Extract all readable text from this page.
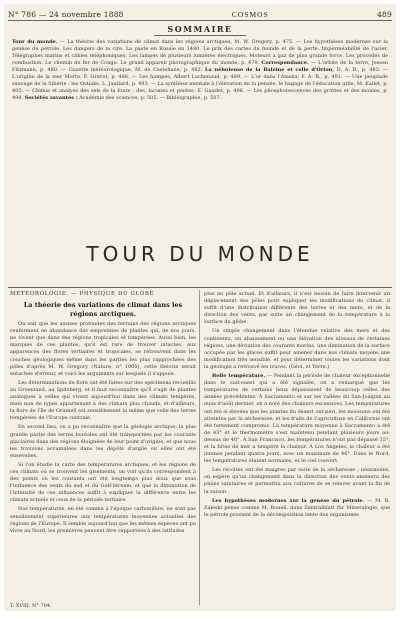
N° 786 — 24 novembre 1888	COSMOS	489
SOMMAIRE
Tour du monde. — La théorie des variations de climat dans les régions arctiques, M. W. Gregory, p. 475. — Les hypothèses modernes sur la genèse du pétrole. Les dangers de la cire. La paste en Russie en 1480. Le prix des cartes du monde et de la perte. Imperméabilité de l'acier. Télégraphes marins et câbles téléphoniques. Les lampes de plusieurs lumières électriques. Moteurs à gaz de plus grande force. Les procédés de combustion. Le chemin de fer de Congo. Le grand appareil photographique du monde, p. 479. Correspondance. — L'orbite de la terre, Jessen Fitzmann, p. 480. — Gazette météorologique, M. de Castellane, p. 482. La nébuleuse de la Baleine et celle d'Orion, D. A. B., p. 483. — L'origine de la mer Morte, F. Gravot, p. 486. — Les hampes, Albert Lachenaud, p. 489. — L'or dans l'Alaska, F. A. B., p. 491. — Une peuplade sauvage de la Sibérie : les Ostiaks, L. Jaullard, p. 493. — La synthèse mentale à l'élévation de la pensée, le bagage de l'éducation utile, M. Kallet, p. 495. — Chimie et analyse des sels de la fonte ; des, lacunes et pentes, E. Gaudet, p. 496. — Les phosphorescences des grottes et des moines, p. 498. Sociétés savantes : Académie des sciences, p. 505. — Bibliographie, p. 507.
TOUR DU MONDE
MÉTÉOROLOGIE. — PHYSIQUE DU GLOBE
La théorie des variations de climat dans les régions arctiques.

On sait que les assises profondes des terrains des régions arctiques renferment en abondance des empreintes de plantes qui, de nos jours, ne vivent que dans des régions tropicales et tempérées. Aussi bien, les marques de ces plantes, qu'il est rare de trouver intactes, aux apparences des flores tertiaires et tropicales, se retrouvent dans les couches géologiques même dans les parties les plus rapprochées des pôles d'après M. W. Gregory (Nature, n° 1000), cette théorie serait entachée d'erreur, et voici les arguments sur lesquels il s'appuie.

Les déterminations de flore ont été faites sur des spécimens recueillis au Groenland, au Spitzberg, et il faut reconnaître qu'il s'agit de plantes analogues à celles qui vivent aujourd'hui dans des climats tempérés, mais non de types appartenant à des climats plus chauds, et d'ailleurs, la flore de l'île de Grinnell est sensiblement la même que celle des terres tempérées de l'Europe centrale.

En second lieu, on a pu reconnaître que la géologie arctique, la plus grande partie des terres boréales ont été transportées par les courants glaciaires dans des régions éloignées de leur point d'origine, et que nous les trouvons accumulées dans les dépôts d'argile où elles ont été ensevelies.

Si l'on étudie la carte des températures arctiques, et les régions de ces climats où se trouvent les gisements, on voit qu'ils correspondent à des points où les courants ont été longtemps plus doux que sous l'influence des vents du sud et du Gulf-Stream, et que la diminution de l'intensité de ces influences suffit à expliquer la différence entre les climats actuels et ceux de la période tertiaire.

Nos températures, en été comme à l'époque carbonifère, ne sont pas sensiblement supérieures aux températures moyennes actuelles des régions de l'Europe. Il semble aujourd'hui que les mêmes espèces ont pu vivre au Nord, les premières peuvent être rapportées à des latitudes

plus au pôle actuel. Et d'ailleurs, il n'est besoin de faire intervenir un déplacement des pôles pour expliquer les modifications du climat, il suffit d'une distribution différente des terres et des mers, et de la direction des vents, par suite un changement de la température à la surface du globe.

Un simple changement dans l'étendue relative des mers et des continents, un abaissement ou une élévation des niveaux de certaines régions, une déviation des courants marins, une diminution de la surface occupée par les glaces suffit pour amener dans nos climats moyens une modification très sensible, et pour déterminer toutes les variations dont la géologie a retrouvé les traces. (Géol. et Terre.)

Belle température. — Pendant la période de chaleur exceptionnelle dans le sud-ouest qui a été signalée, on a remarqué que les températures de certains lieux dépassaient de beaucoup celles des années précédentes. À Sacramento et sur les vallées du San-Joaquin au mois d'août dernier, on a noté des chaleurs excessives. Les températures ont été si élevées que les plantes du désert ont péri, les moissons ont été atteintes par la sécheresse, et les fruits de l'agriculture en Californie ont été fortement compromis. La température moyenne à Sacramento a été de 43° et le thermomètre s'est maintenu pendant plusieurs jours au-dessus de 40°. À San Francisco, les températures n'ont pas dépassé 35°, et la brise de mer a tempéré la chaleur. À Los Angeles, la chaleur a été intense pendant quatre jours, avec un maximum de 46°. Dans le Nord, les températures étaient normales, et le ciel couvert.

Les récoltes ont été maigres par suite de la sécheresse ; néanmoins, on espère qu'un changement dans la direction des vents amènera des pluies salutaires et permettra aux cultures de se relever avant la fin de la saison.

Les hypothèses modernes sur la genèse du pétrole. — M. B. Zaleski pense comme M. Bonell, dans Zentralblatt für Mineralogie, que le pétrole provient de la décomposition lente des organismes

T. XVIII, N° 784.
